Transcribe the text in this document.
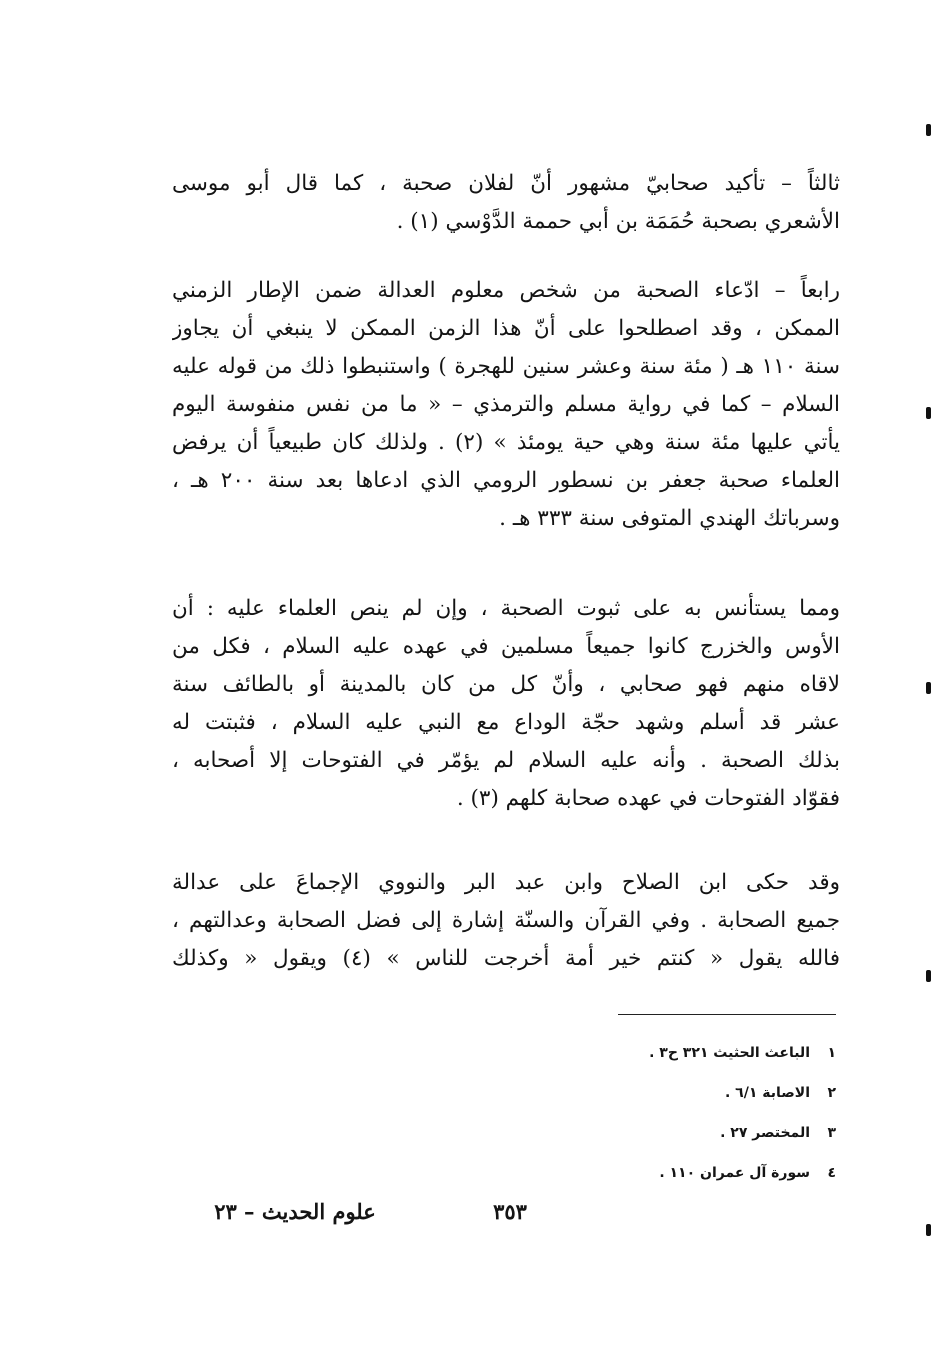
ثالثاً – تأكيد صحابيّ مشهور أنّ لفلان صحبة ، كما قال أبو موسى
الأشعري بصحبة حُمَمَة بن أبي حممة الدَّوْسي (١) .
رابعاً – ادّعاء الصحبة من شخص معلوم العدالة ضمن الإطار الزمني
الممكن ، وقد اصطلحوا على أنّ هذا الزمن الممكن لا ينبغي أن يجاوز
سنة ١١٠ هـ ( مئة سنة وعشر سنين للهجرة ) واستنبطوا ذلك من قوله عليه
السلام – كما في رواية مسلم والترمذي – « ما من نفس منفوسة اليوم
يأتي عليها مئة سنة وهي حية يومئذ » (٢) . ولذلك كان طبيعياً أن يرفض
العلماء صحبة جعفر بن نسطور الرومي الذي ادعاها بعد سنة ٢٠٠ هـ ،
وسرباتك الهندي المتوفى سنة ٣٣٣ هـ .
ومما يستأنس به على ثبوت الصحبة ، وإن لم ينص العلماء عليه : أن
الأوس والخزرج كانوا جميعاً مسلمين في عهده عليه السلام ، فكل من
لاقاه منهم فهو صحابي ، وأنّ كل من كان بالمدينة أو بالطائف سنة
عشر قد أسلم وشهد حجّة الوداع مع النبي عليه السلام ، فثبتت له
بذلك الصحبة . وأنه عليه السلام لم يؤمّر في الفتوحات إلا أصحابه ،
فقوّاد الفتوحات في عهده صحابة كلهم (٣) .
وقد حكى ابن الصلاح وابن عبد البر والنووي الإجماعَ على عدالة
جميع الصحابة . وفي القرآن والسنّة إشارة إلى فضل الصحابة وعدالتهم ،
فالله يقول « كنتم خير أمة أخرجت للناس » (٤) ويقول « وكذلك
١الباعث الحثيث ٣٢١ ح٣ .
٢الاصابة ٦/١ .
٣المختصر ٢٧ .
٤سورة آل عمران ١١٠ .
٣٥٣
علوم الحديث – ٢٣
